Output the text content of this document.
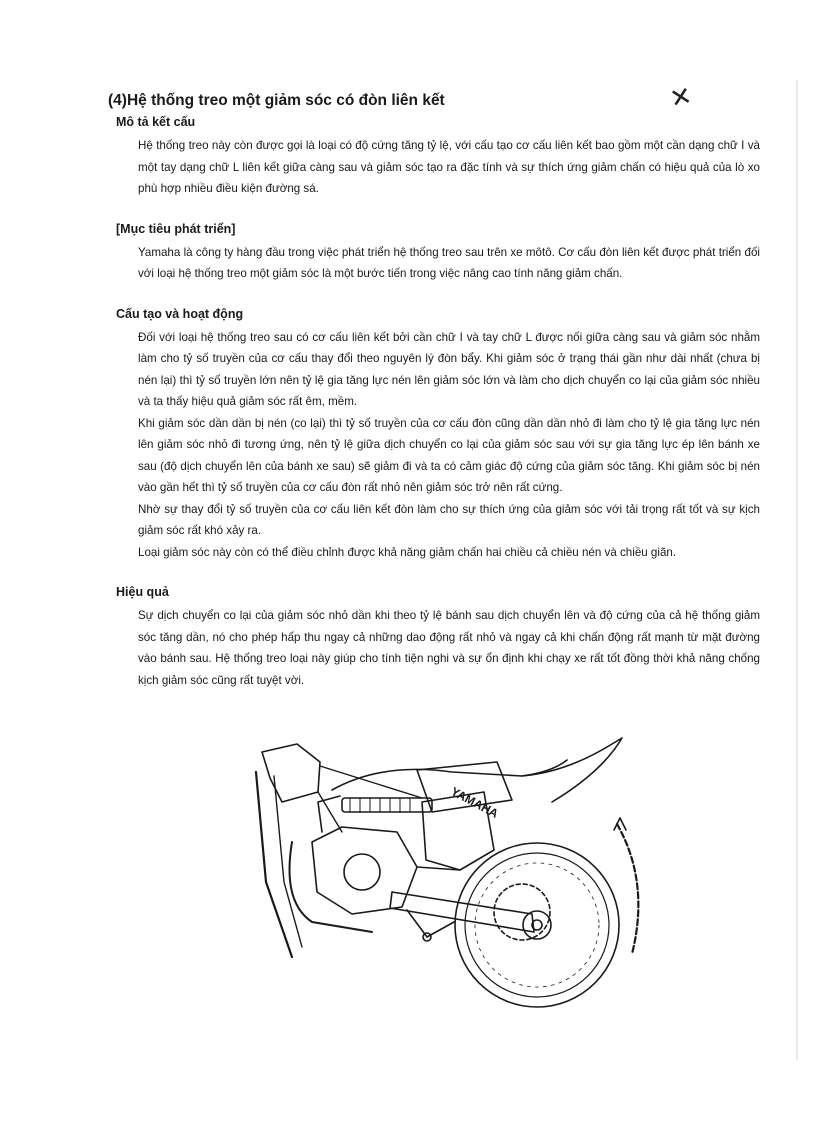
✕
(4)Hệ thống treo một giảm sóc có đòn liên kết
Mô tả kết cấu

Hệ thống treo này còn được gọi là loại có độ cứng tăng tỷ lệ, với cấu tạo cơ cấu liên kết bao gồm một cần dạng chữ I và một tay dạng chữ L liên kết giữa càng sau và giảm sóc tạo ra đặc tính và sự thích ứng giảm chấn có hiệu quả của lò xo phù hợp nhiều điều kiện đường sá.

[Mục tiêu phát triển]

Yamaha là công ty hàng đầu trong việc phát triển hệ thống treo sau trên xe môtô. Cơ cấu đòn liên kết được phát triển đối với loại hệ thống treo một giảm sóc là một bước tiến trong việc nâng cao tính năng giảm chấn.

Cấu tạo và hoạt động

Đối với loại hệ thống treo sau có cơ cấu liên kết bởi cần chữ I và tay chữ L được nối giữa càng sau và giảm sóc nhằm làm cho tỷ số truyền của cơ cấu thay đổi theo nguyên lý đòn bẩy. Khi giảm sóc ở trạng thái gần như dài nhất (chưa bị nén lại) thì tỷ số truyền lớn nên tỷ lệ gia tăng lực nén lên giảm sóc lớn và làm cho dịch chuyển co lại của giảm sóc nhiều và ta thấy hiệu quả giảm sóc rất êm, mềm.

Khi giảm sóc dần dần bị nén (co lại) thì tỷ số truyền của cơ cấu đòn cũng dần dần nhỏ đi làm cho tỷ lệ gia tăng lực nén lên giảm sóc nhỏ đi tương ứng, nên tỷ lệ giữa dịch chuyển co lại của giảm sóc sau với sự gia tăng lực ép lên bánh xe sau (độ dịch chuyển lên của bánh xe sau) sẽ giảm đi và ta có cảm giác độ cứng của giảm sóc tăng. Khi giảm sóc bị nén vào gần hết thì tỷ số truyền của cơ cấu đòn rất nhỏ nên giảm sóc trở nên rất cứng.

Nhờ sự thay đổi tỷ số truyền của cơ cấu liên kết đòn làm cho sự thích ứng của giảm sóc với tải trọng rất tốt và sự kịch giảm sóc rất khó xảy ra.

Loại giảm sóc này còn có thể điều chỉnh được khả năng giảm chấn hai chiều cả chiều nén và chiều giãn.

Hiệu quả

Sự dịch chuyển co lại của giảm sóc nhỏ dần khi theo tỷ lệ bánh sau dịch chuyển lên và độ cứng của cả hệ thống giảm sóc tăng dần, nó cho phép hấp thu ngay cả những dao động rất nhỏ và ngay cả khi chấn động rất mạnh từ mặt đường vào bánh sau. Hệ thống treo loại này giúp cho tính tiện nghi và sự ổn định khi chạy xe rất tốt đồng thời khả năng chống kịch giảm sóc cũng rất tuyệt vời.

YAMAHA
